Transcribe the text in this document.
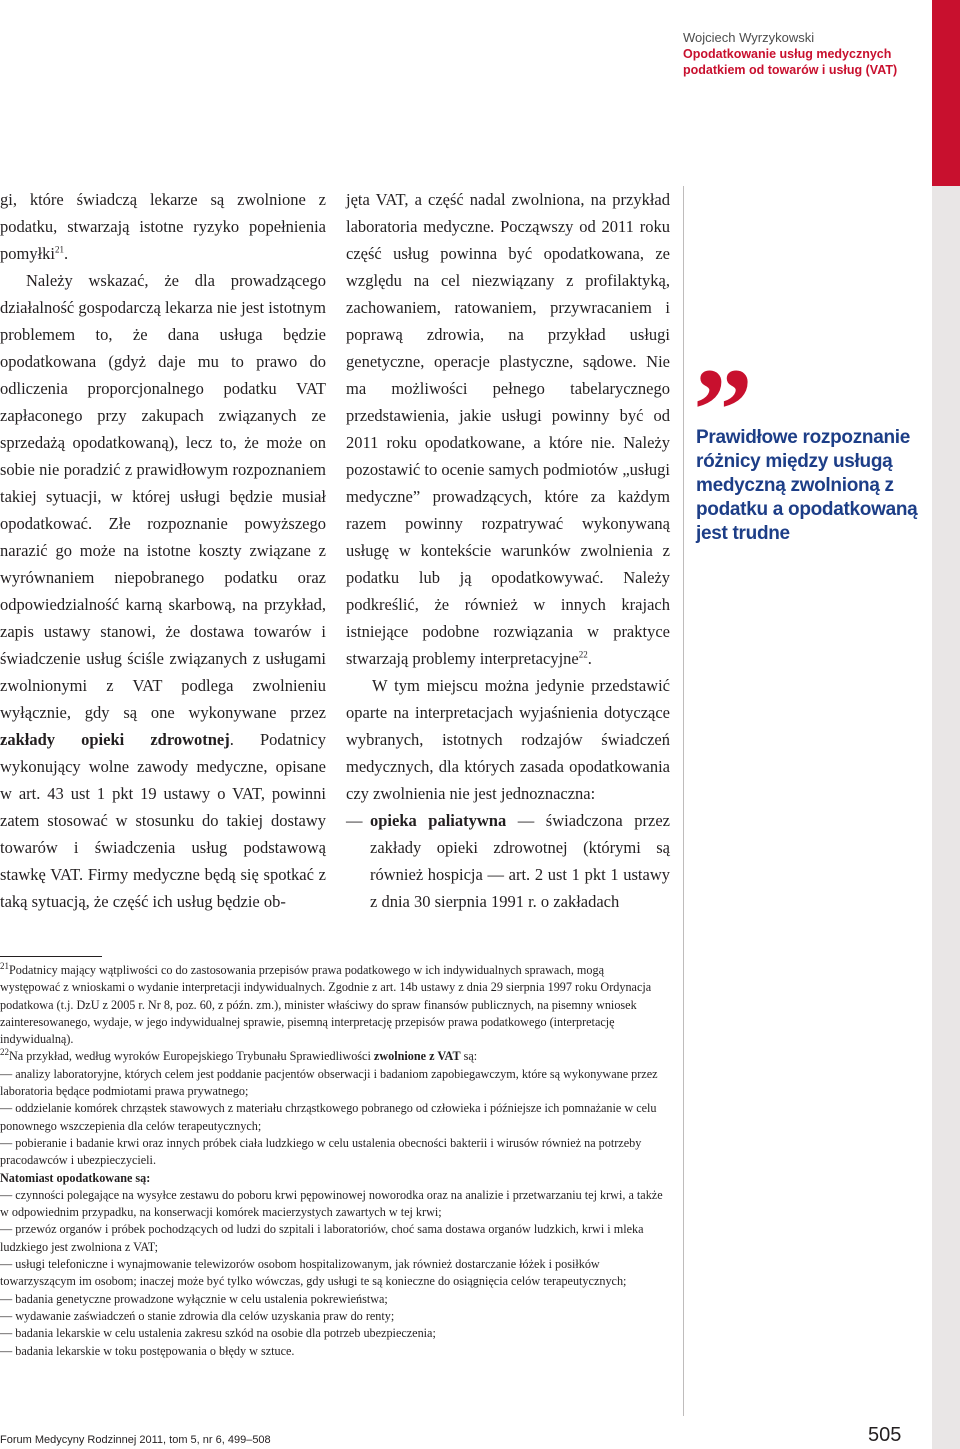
Wojciech Wyrzykowski
Opodatkowanie usług medycznych
podatkiem od towarów i usług (VAT)

gi, które świadczą lekarze są zwolnione z podatku, stwarzają istotne ryzyko popełnienia pomyłki$^{21}$.

Należy wskazać, że dla prowadzącego działalność gospodarczą lekarza nie jest istotnym problemem to, że dana usługa będzie opodatkowana (gdyż daje mu to prawo do odliczenia proporcjonalnego podatku VAT zapłaconego przy zakupach związanych ze sprzedażą opodatkowaną), lecz to, że może on sobie nie poradzić z prawidłowym rozpoznaniem takiej sytuacji, w której usługi będzie musiał opodatkować. Złe rozpoznanie powyższego narazić go może na istotne koszty związane z wyrównaniem niepobranego podatku oraz odpowiedzialność karną skarbową, na przykład, zapis ustawy stanowi, że dostawa towarów i świadczenie usług ściśle związanych z usługami zwolnionymi z VAT podlega zwolnieniu wyłącznie, gdy są one wykonywane przez zakłady opieki zdrowotnej. Podatnicy wykonujący wolne zawody medyczne, opisane w art. 43 ust 1 pkt 19 ustawy o VAT, powinni zatem stosować w stosunku do takiej dostawy towarów i świadczenia usług podstawową stawkę VAT. Firmy medyczne będą się spotkać z taką sytuacją, że część ich usług będzie ob-

jęta VAT, a część nadal zwolniona, na przykład laboratoria medyczne. Począwszy od 2011 roku część usług powinna być opodatkowana, ze względu na cel niezwiązany z profilaktyką, zachowaniem, ratowaniem, przywracaniem i poprawą zdrowia, na przykład usługi genetyczne, operacje plastyczne, sądowe. Nie ma możliwości pełnego tabelarycznego przedstawienia, jakie usługi powinny być od 2011 roku opodatkowane, a które nie. Należy pozostawić to ocenie samych podmiotów „usługi medyczne” prowadzących, które za każdym razem powinny rozpatrywać wykonywaną usługę w kontekście warunków zwolnienia z podatku lub ją opodatkowywać. Należy podkreślić, że również w innych krajach istniejące podobne rozwiązania w praktyce stwarzają problemy interpretacyjne$^{22}$.

W tym miejscu można jedynie przedstawić oparte na interpretacjach wyjaśnienia dotyczące wybranych, istotnych rodzajów świadczeń medycznych, dla których zasada opodatkowania czy zwolnienia nie jest jednoznaczna:

— opieka paliatywna — świadczona przez zakłady opieki zdrowotnej (którymi są również hospicja — art. 2 ust 1 pkt 1 ustawy z dnia 30 sierpnia 1991 r. o zakładach

”
Prawidłowe rozpoznanie różnicy między usługą medyczną zwolnioną z podatku a opodatkowaną jest trudne

$^{21}$Podatnicy mający wątpliwości co do zastosowania przepisów prawa podatkowego w ich indywidualnych sprawach, mogą występować z wnioskami o wydanie interpretacji indywidualnych. Zgodnie z art. 14b ustawy z dnia 29 sierpnia 1997 roku Ordynacja podatkowa (t.j. DzU z 2005 r. Nr 8, poz. 60, z późn. zm.), minister właściwy do spraw finansów publicznych, na pisemny wniosek zainteresowanego, wydaje, w jego indywidualnej sprawie, pisemną interpretację przepisów prawa podatkowego (interpretację indywidualną).

$^{22}$Na przykład, według wyroków Europejskiego Trybunału Sprawiedliwości zwolnione z VAT są:

— analizy laboratoryjne, których celem jest poddanie pacjentów obserwacji i badaniom zapobiegawczym, które są wykonywane przez laboratoria będące podmiotami prawa prywatnego;

— oddzielanie komórek chrząstek stawowych z materiału chrząstkowego pobranego od człowieka i późniejsze ich pomnażanie w celu ponownego wszczepienia dla celów terapeutycznych;

— pobieranie i badanie krwi oraz innych próbek ciała ludzkiego w celu ustalenia obecności bakterii i wirusów również na potrzeby pracodawców i ubezpieczycieli.

Natomiast opodatkowane są:

— czynności polegające na wysyłce zestawu do poboru krwi pępowinowej noworodka oraz na analizie i przetwarzaniu tej krwi, a także w odpowiednim przypadku, na konserwacji komórek macierzystych zawartych w tej krwi;

— przewóz organów i próbek pochodzących od ludzi do szpitali i laboratoriów, choć sama dostawa organów ludzkich, krwi i mleka ludzkiego jest zwolniona z VAT;

— usługi telefoniczne i wynajmowanie telewizorów osobom hospitalizowanym, jak również dostarczanie łóżek i posiłków towarzyszącym im osobom; inaczej może być tylko wówczas, gdy usługi te są konieczne do osiągnięcia celów terapeutycznych;

— badania genetyczne prowadzone wyłącznie w celu ustalenia pokrewieństwa;

— wydawanie zaświadczeń o stanie zdrowia dla celów uzyskania praw do renty;

— badania lekarskie w celu ustalenia zakresu szkód na osobie dla potrzeb ubezpieczenia;

— badania lekarskie w toku postępowania o błędy w sztuce.

Forum Medycyny Rodzinnej 2011, tom 5, nr 6, 499–508	505
